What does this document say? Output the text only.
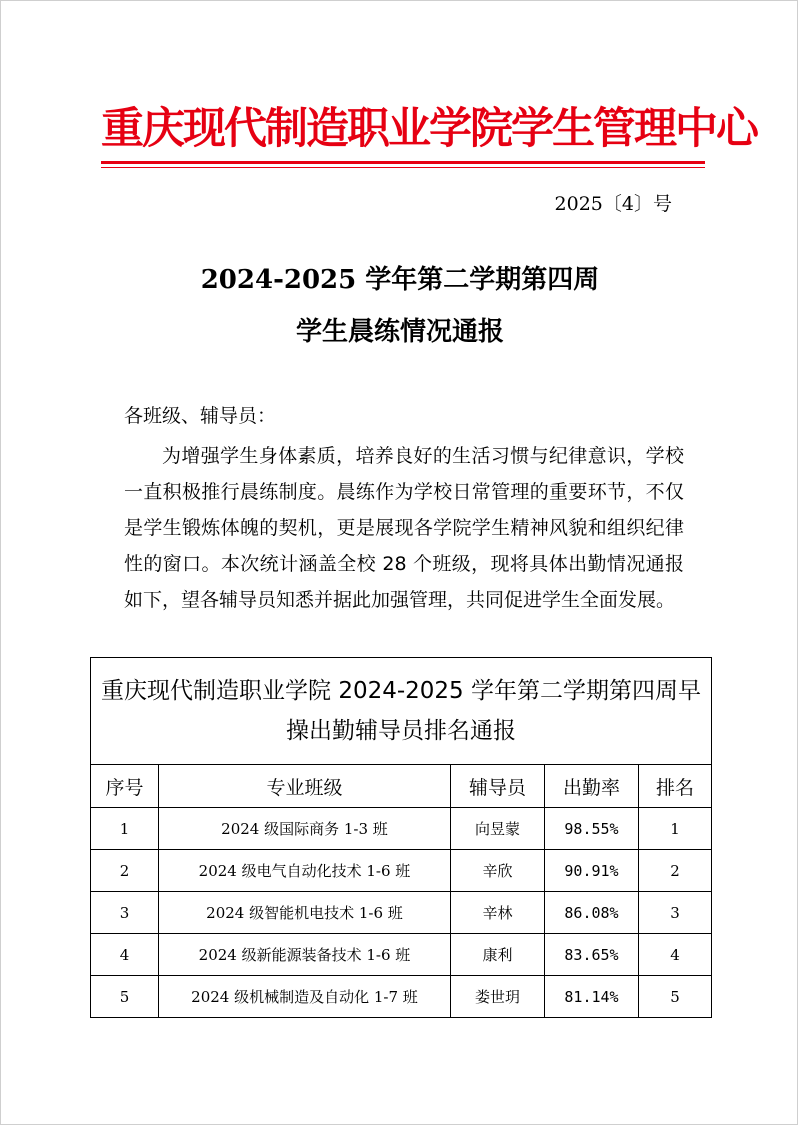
重庆现代制造职业学院学生管理中心
2025〔4〕号
2024-2025 学年第二学期第四周
学生晨练情况通报
各班级、辅导员：
为增强学生身体素质，培养良好的生活习惯与纪律意识，学校一直积极推行晨练制度。晨练作为学校日常管理的重要环节，不仅是学生锻炼体魄的契机，更是展现各学院学生精神风貌和组织纪律性的窗口。本次统计涵盖全校 28 个班级，现将具体出勤情况通报如下，望各辅导员知悉并据此加强管理，共同促进学生全面发展。
重庆现代制造职业学院 2024-2025 学年第二学期第四周早操出勤辅导员排名通报				
序号	专业班级	辅导员	出勤率	排名
1	2024 级国际商务 1-3 班	向昱蒙	98.55%	1
2	2024 级电气自动化技术 1-6 班	辛欣	90.91%	2
3	2024 级智能机电技术 1-6 班	辛林	86.08%	3
4	2024 级新能源装备技术 1-6 班	康利	83.65%	4
5	2024 级机械制造及自动化 1-7 班	娄世玥	81.14%	5
